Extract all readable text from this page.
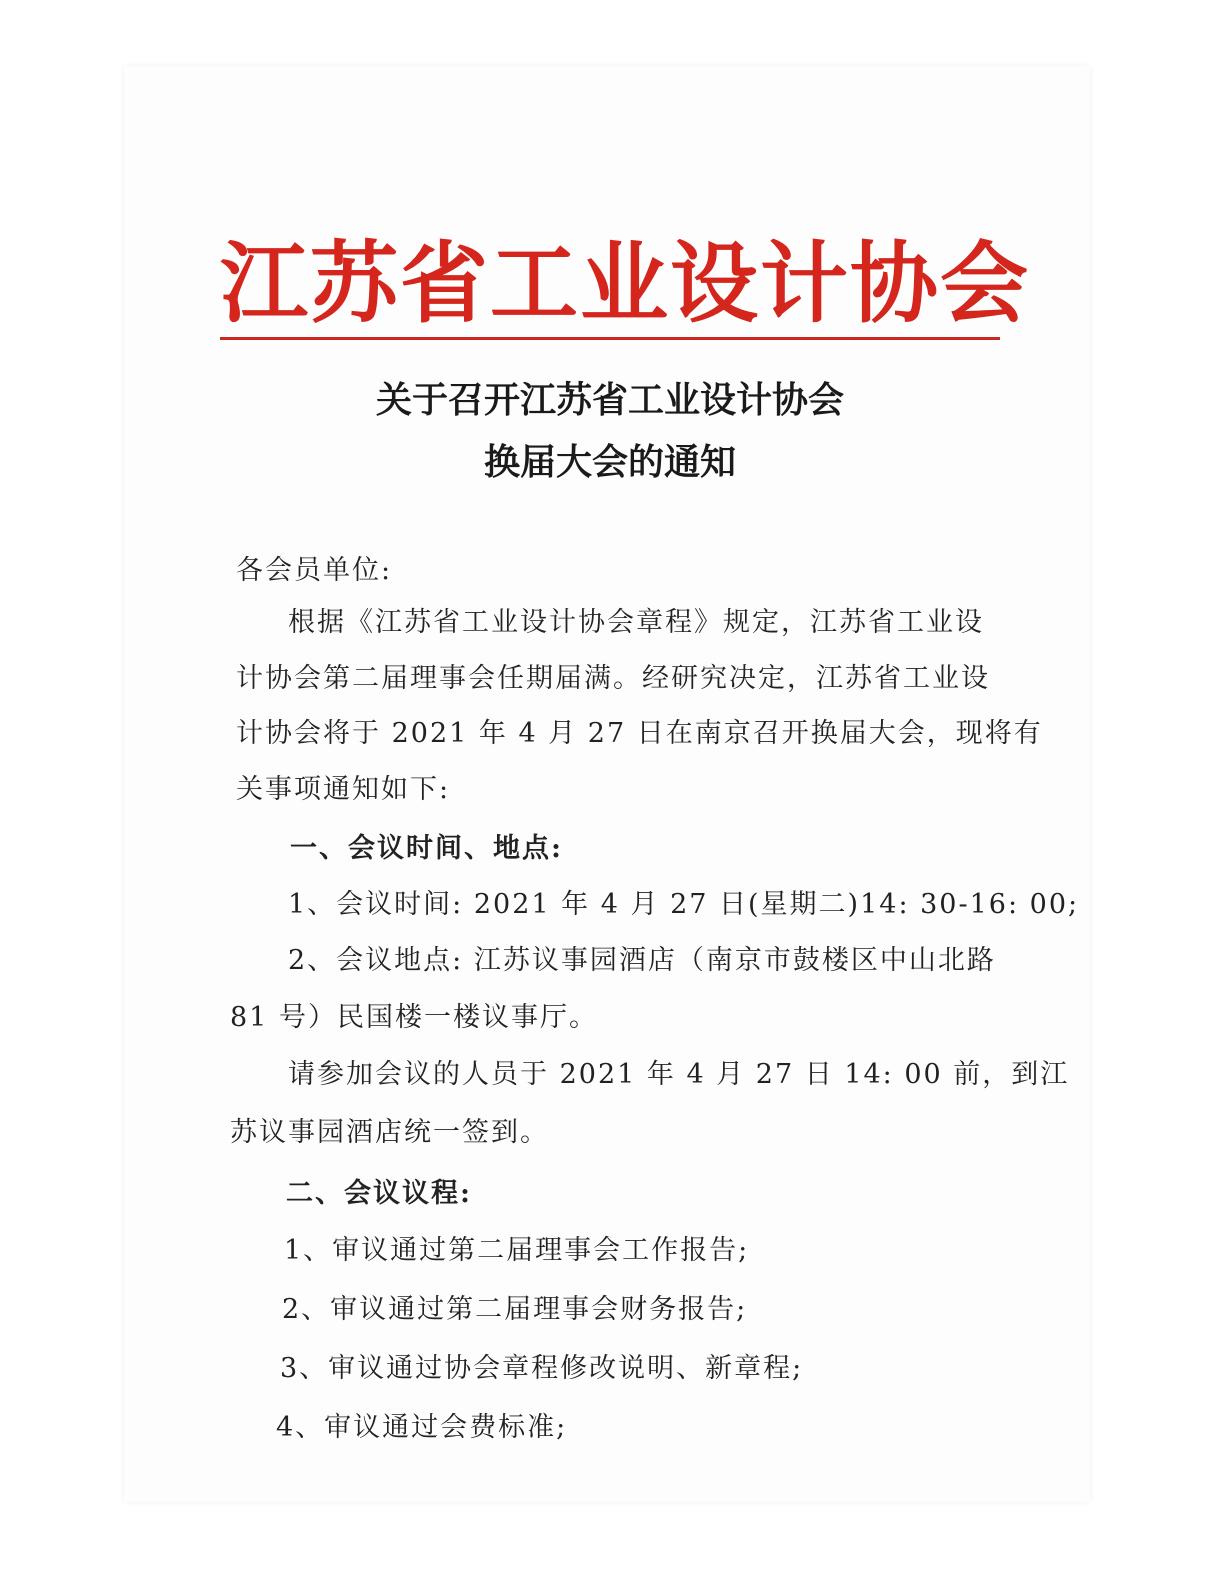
江苏省工业设计协会
关于召开江苏省工业设计协会
换届大会的通知
各会员单位:
根据《江苏省工业设计协会章程》规定，江苏省工业设
计协会第二届理事会任期届满。经研究决定，江苏省工业设
计协会将于 2021 年 4 月 27 日在南京召开换届大会，现将有
关事项通知如下:
一、会议时间、地点:
1、会议时间: 2021 年 4 月 27 日(星期二)14: 30-16: 00;
2、会议地点: 江苏议事园酒店（南京市鼓楼区中山北路
81 号）民国楼一楼议事厅。
请参加会议的人员于 2021 年 4 月 27 日 14: 00 前，到江
苏议事园酒店统一签到。
二、会议议程:
1、审议通过第二届理事会工作报告;
2、审议通过第二届理事会财务报告;
3、审议通过协会章程修改说明、新章程;
4、审议通过会费标准;
